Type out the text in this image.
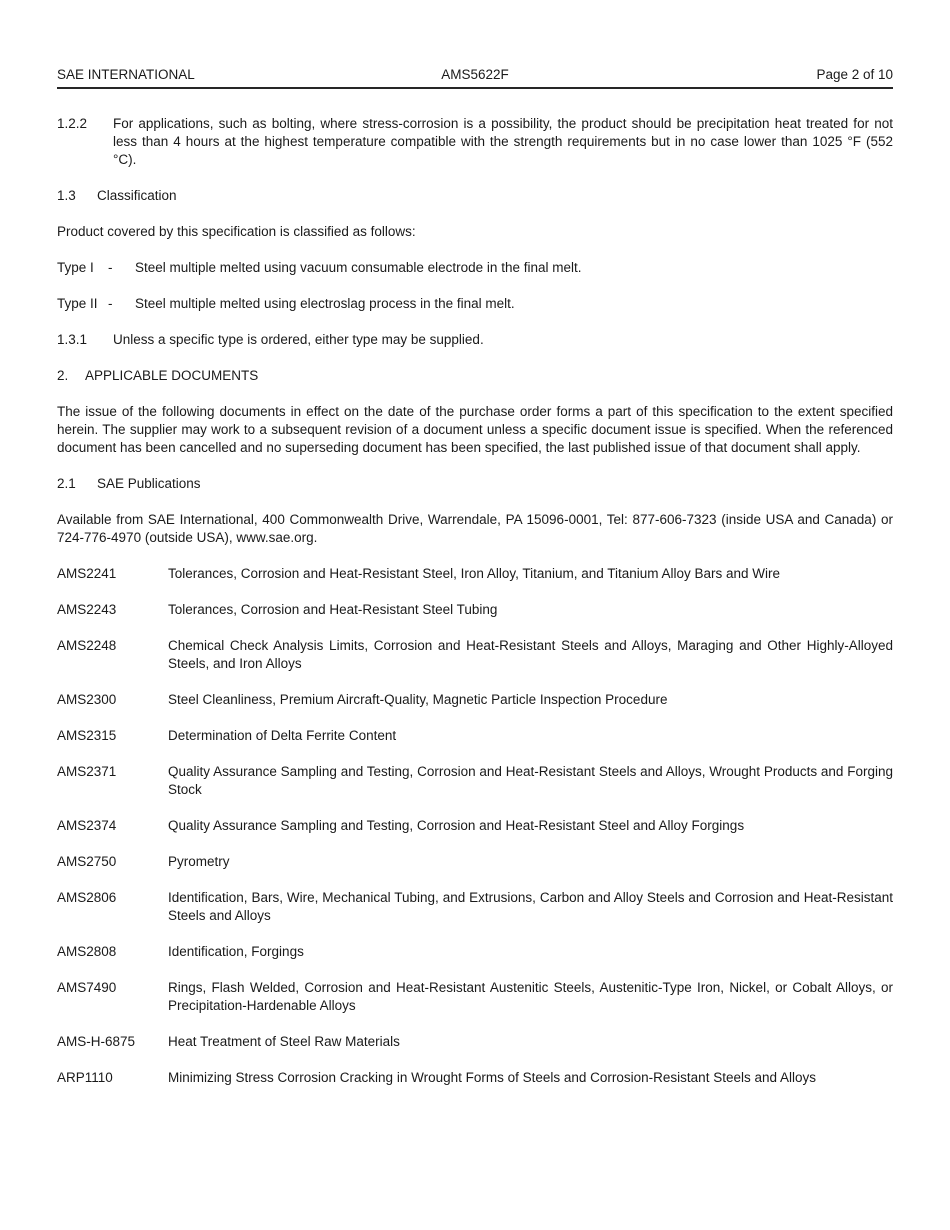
SAE INTERNATIONAL	AMS5622F	Page 2 of 10
1.2.2	For applications, such as bolting, where stress-corrosion is a possibility, the product should be precipitation heat treated for not less than 4 hours at the highest temperature compatible with the strength requirements but in no case lower than 1025 °F (552 °C).
1.3	Classification
Product covered by this specification is classified as follows:
Type I	-	Steel multiple melted using vacuum consumable electrode in the final melt.
Type II -	Steel multiple melted using electroslag process in the final melt.
1.3.1	Unless a specific type is ordered, either type may be supplied.
2.	APPLICABLE DOCUMENTS
The issue of the following documents in effect on the date of the purchase order forms a part of this specification to the extent specified herein. The supplier may work to a subsequent revision of a document unless a specific document issue is specified. When the referenced document has been cancelled and no superseding document has been specified, the last published issue of that document shall apply.
2.1	SAE Publications
Available from SAE International, 400 Commonwealth Drive, Warrendale, PA 15096-0001, Tel: 877-606-7323 (inside USA and Canada) or 724-776-4970 (outside USA), www.sae.org.
AMS2241	Tolerances, Corrosion and Heat-Resistant Steel, Iron Alloy, Titanium, and Titanium Alloy Bars and Wire
AMS2243	Tolerances, Corrosion and Heat-Resistant Steel Tubing
AMS2248	Chemical Check Analysis Limits, Corrosion and Heat-Resistant Steels and Alloys, Maraging and Other Highly-Alloyed Steels, and Iron Alloys
AMS2300	Steel Cleanliness, Premium Aircraft-Quality, Magnetic Particle Inspection Procedure
AMS2315	Determination of Delta Ferrite Content
AMS2371	Quality Assurance Sampling and Testing, Corrosion and Heat-Resistant Steels and Alloys, Wrought Products and Forging Stock
AMS2374	Quality Assurance Sampling and Testing, Corrosion and Heat-Resistant Steel and Alloy Forgings
AMS2750	Pyrometry
AMS2806	Identification, Bars, Wire, Mechanical Tubing, and Extrusions, Carbon and Alloy Steels and Corrosion and Heat-Resistant Steels and Alloys
AMS2808	Identification, Forgings
AMS7490	Rings, Flash Welded, Corrosion and Heat-Resistant Austenitic Steels, Austenitic-Type Iron, Nickel, or Cobalt Alloys, or Precipitation-Hardenable Alloys
AMS-H-6875	Heat Treatment of Steel Raw Materials
ARP1110	Minimizing Stress Corrosion Cracking in Wrought Forms of Steels and Corrosion-Resistant Steels and Alloys
